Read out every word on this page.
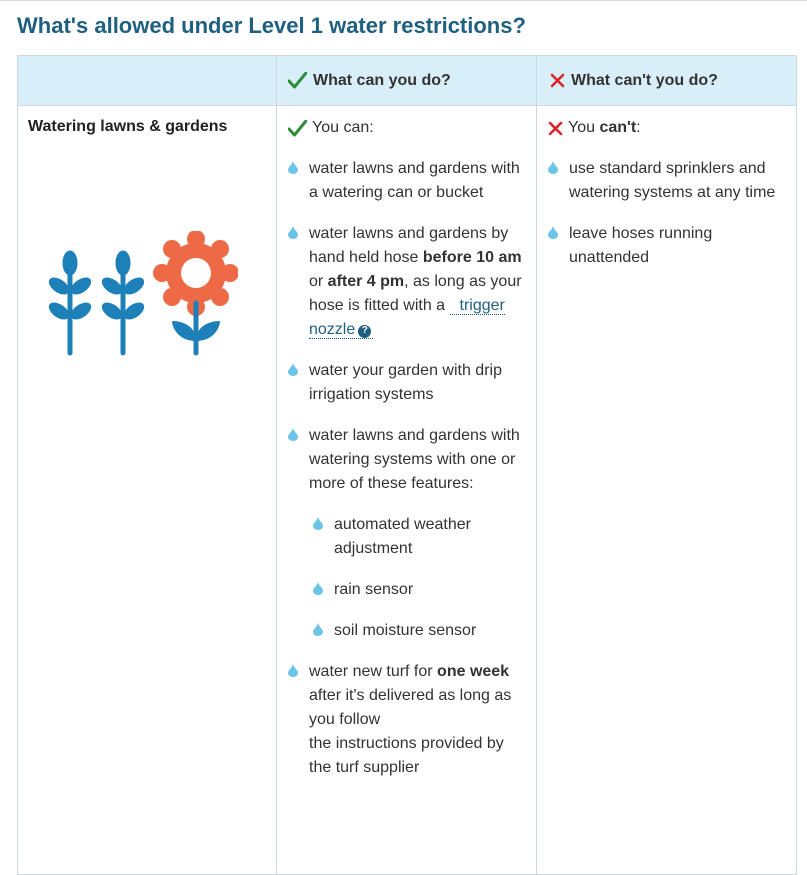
What's allowed under Level 1 water restrictions?
What can you do?	What can't you do?
Watering lawns & gardens	You can:
water lawns and gardens with a watering can or bucket
water lawns and gardens by hand held hose before 10 am or after 4 pm, as long as your hose is fitted with a trigger nozzle ?
water your garden with drip irrigation systems
water lawns and gardens with watering systems with one or more of these features:
automated weather adjustment
rain sensor
soil moisture sensor
water new turf for one week after it's delivered as long as you follow
the instructions provided by the turf supplier
You can't :
use standard sprinklers and watering systems at any time
leave hoses running unattended
